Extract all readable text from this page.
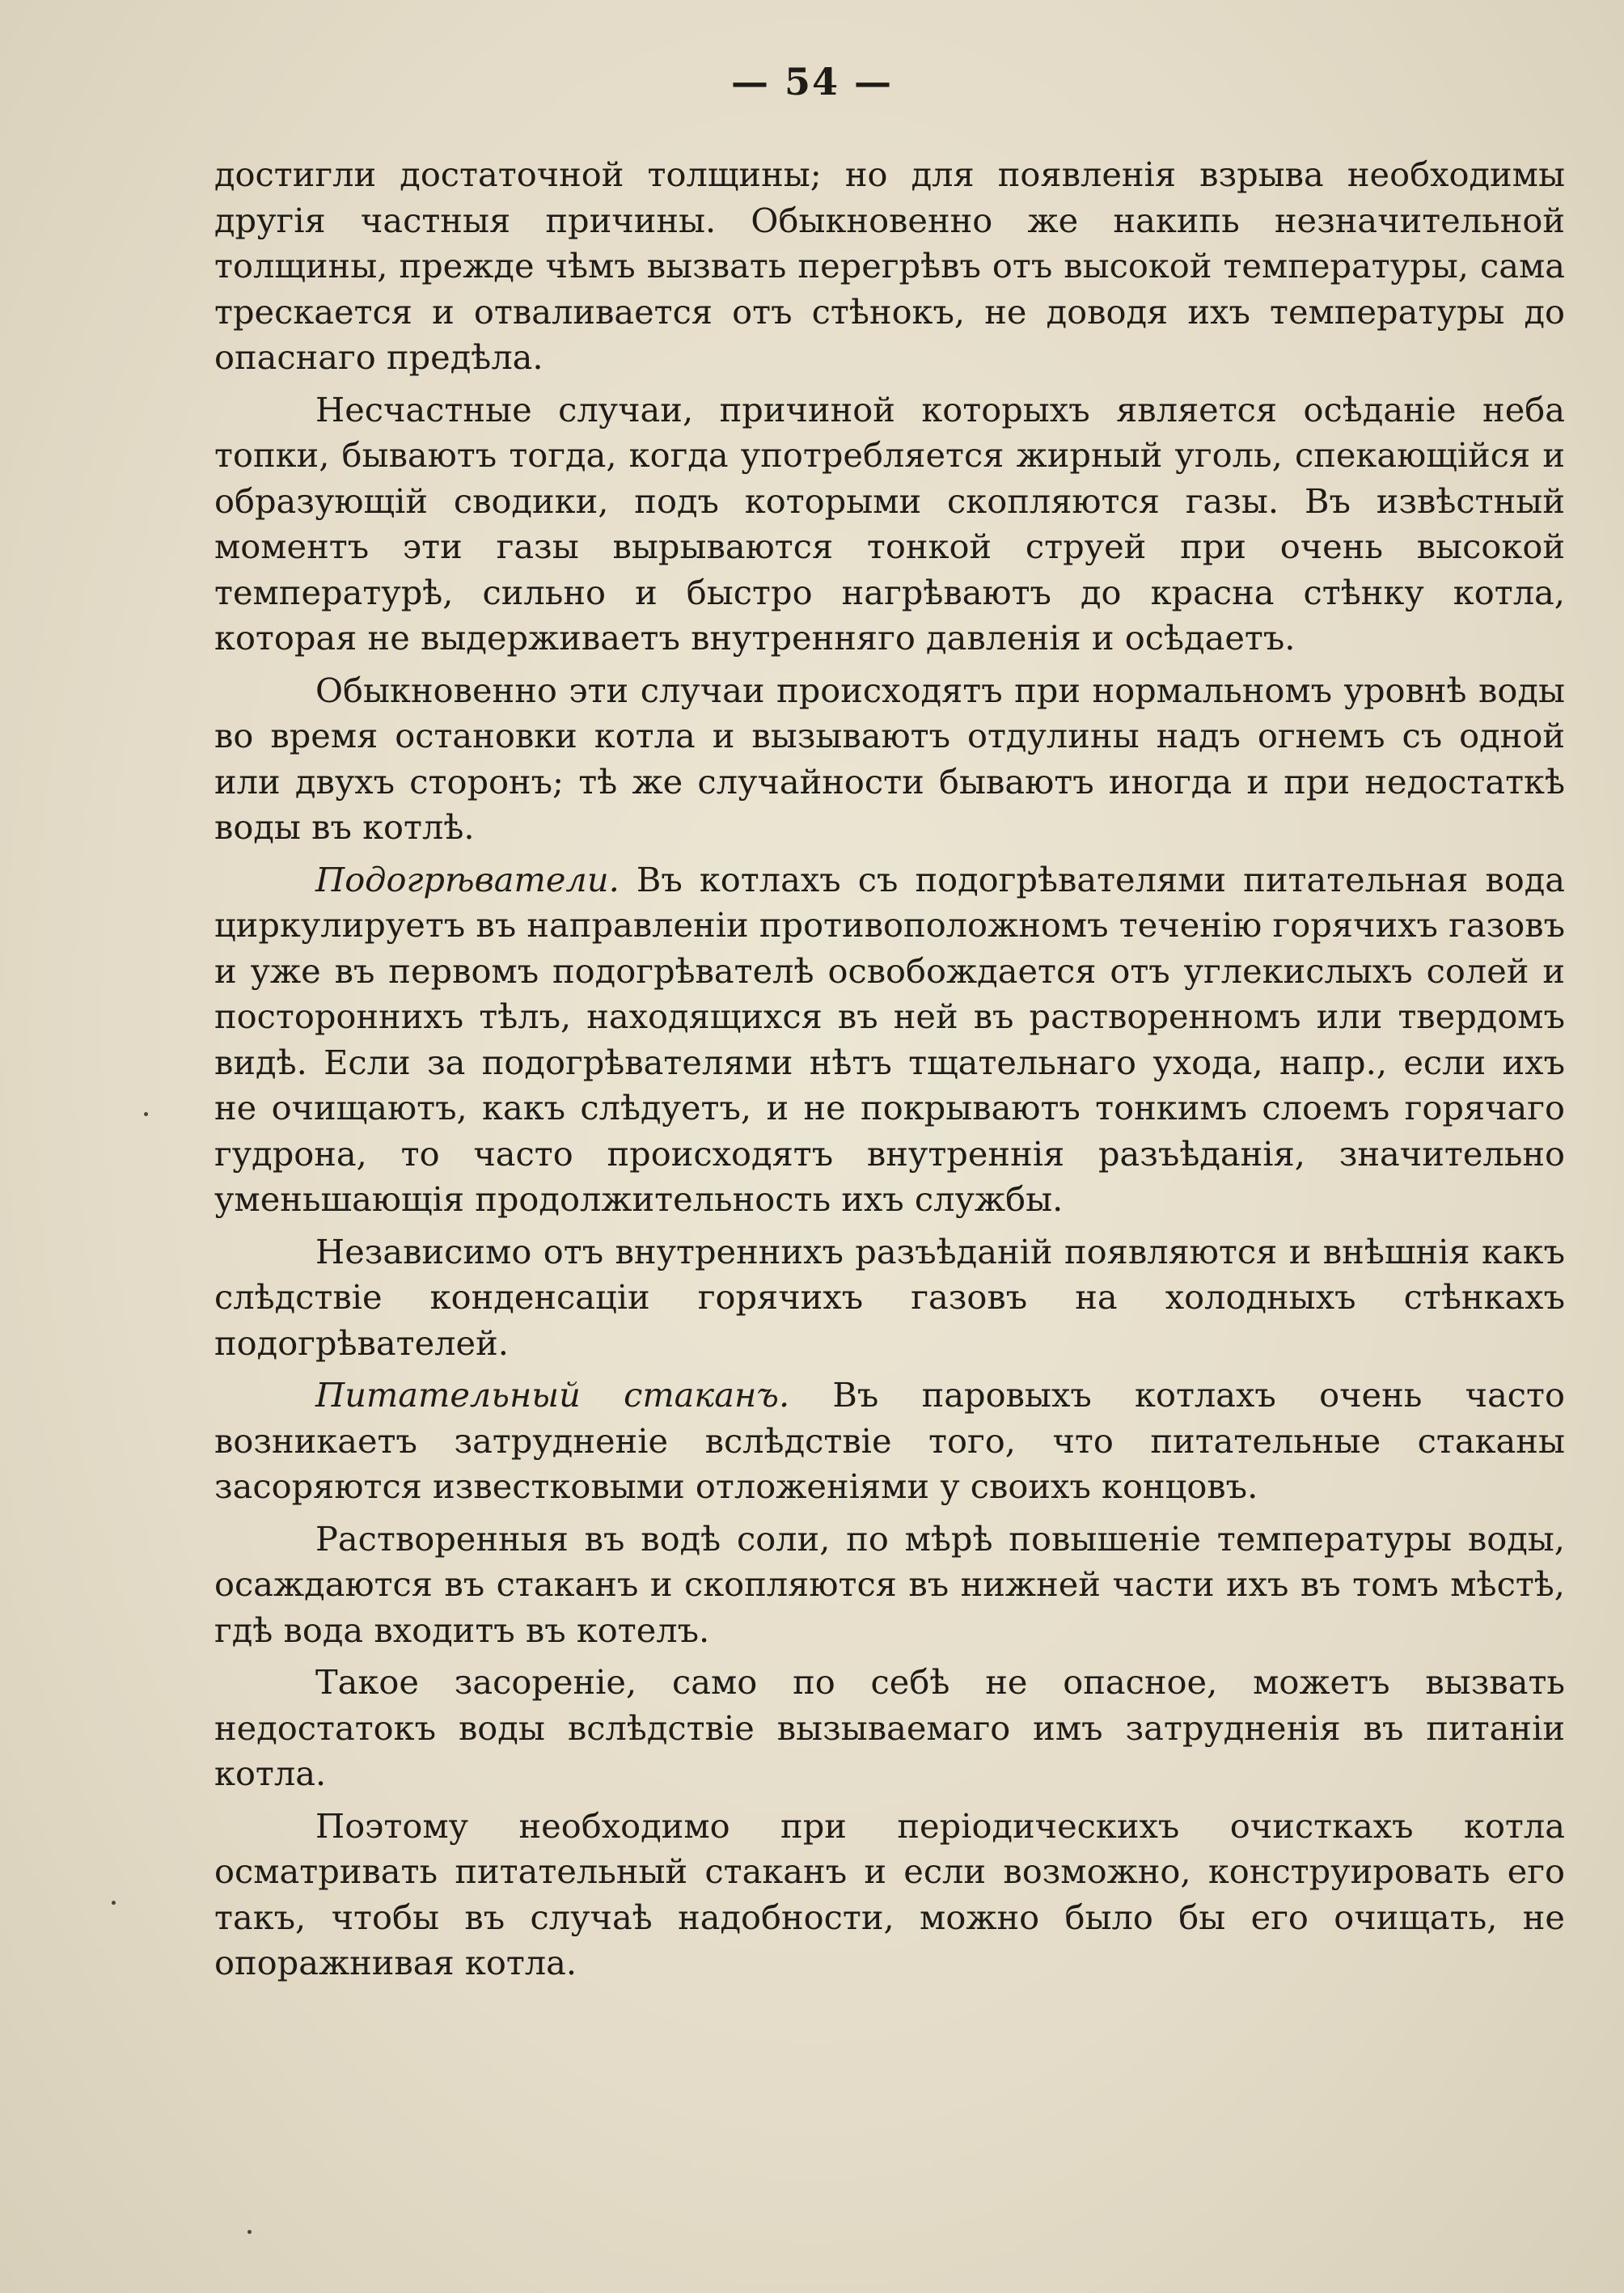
— 54 —

достигли достаточной толщины; но для появленія взрыва необходимы другія частныя причины. Обыкновенно же накипь незначительной толщины, прежде чѣмъ вызвать перегрѣвъ отъ высокой температуры, сама трескается и отваливается отъ стѣнокъ, не доводя ихъ температуры до опаснаго предѣла.

Несчастные случаи, причиной которыхъ является осѣданіе неба топки, бываютъ тогда, когда употребляется жирный уголь, спекающійся и образующій сводики, подъ которыми скопляются газы. Въ извѣстный моментъ эти газы вырываются тонкой струей при очень высокой температурѣ, сильно и быстро нагрѣваютъ до красна стѣнку котла, которая не выдерживаетъ внутренняго давленія и осѣдаетъ.

Обыкновенно эти случаи происходятъ при нормальномъ уровнѣ воды во время остановки котла и вызываютъ отдулины надъ огнемъ съ одной или двухъ сторонъ; тѣ же случайности бываютъ иногда и при недостаткѣ воды въ котлѣ.

Подогрѣватели. Въ котлахъ съ подогрѣвателями питательная вода циркулируетъ въ направленіи противоположномъ теченію горячихъ газовъ и уже въ первомъ подогрѣвателѣ освобождается отъ углекислыхъ солей и постороннихъ тѣлъ, находящихся въ ней въ растворенномъ или твердомъ видѣ. Если за подогрѣвателями нѣтъ тщательнаго ухода, напр., если ихъ не очищаютъ, какъ слѣдуетъ, и не покрываютъ тонкимъ слоемъ горячаго гудрона, то часто происходятъ внутреннія разъѣданія, значительно уменьшающія продолжительность ихъ службы.

Независимо отъ внутреннихъ разъѣданій появляются и внѣшнія какъ слѣдствіе конденсаціи горячихъ газовъ на холодныхъ стѣнкахъ подогрѣвателей.

Питательный стаканъ. Въ паровыхъ котлахъ очень часто возникаетъ затрудненіе вслѣдствіе того, что питательные стаканы засоряются известковыми отложеніями у своихъ концовъ.

Растворенныя въ водѣ соли, по мѣрѣ повышеніе температуры воды, осаждаются въ стаканъ и скопляются въ нижней части ихъ въ томъ мѣстѣ, гдѣ вода входитъ въ котелъ.

Такое засореніе, само по себѣ не опасное, можетъ вызвать недостатокъ воды вслѣдствіе вызываемаго имъ затрудненія въ питаніи котла.

Поэтому необходимо при періодическихъ очисткахъ котла осматривать питательный стаканъ и если возможно, конструировать его такъ, чтобы въ случаѣ надобности, можно было бы его очищать, не опоражнивая котла.
